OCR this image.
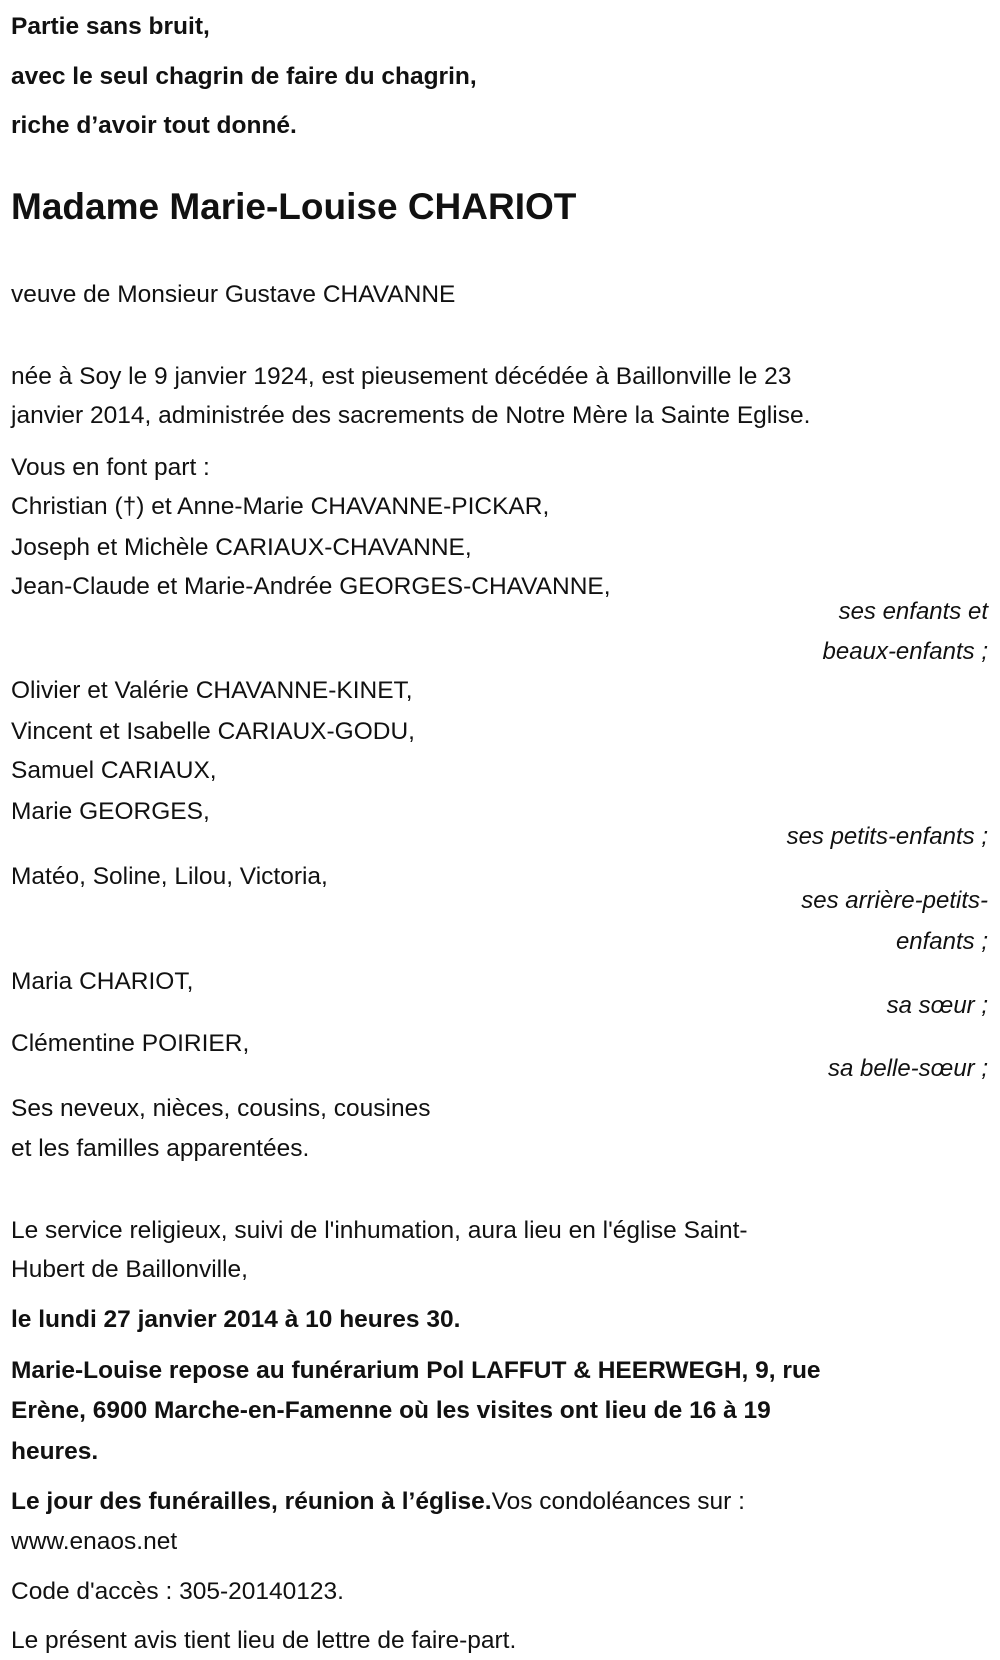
Partie sans bruit,
avec le seul chagrin de faire du chagrin,
riche d’avoir tout donné.
Madame Marie-Louise CHARIOT
veuve de Monsieur Gustave CHAVANNE
née à Soy le 9 janvier 1924, est pieusement décédée à Baillonville le 23
janvier 2014, administrée des sacrements de Notre Mère la Sainte Eglise.
Vous en font part :
Christian (†) et Anne-Marie CHAVANNE-PICKAR,
Joseph et Michèle CARIAUX-CHAVANNE,
Jean-Claude et Marie-Andrée GEORGES-CHAVANNE,
ses enfants et
beaux-enfants ;
Olivier et Valérie CHAVANNE-KINET,
Vincent et Isabelle CARIAUX-GODU,
Samuel CARIAUX,
Marie GEORGES,
ses petits-enfants ;
Matéo, Soline, Lilou, Victoria,
ses arrière-petits-
enfants ;
Maria CHARIOT,
sa sœur ;
Clémentine POIRIER,
sa belle-sœur ;
Ses neveux, nièces, cousins, cousines
et les familles apparentées.
Le service religieux, suivi de l'inhumation, aura lieu en l'église Saint-
Hubert de Baillonville,
le lundi 27 janvier 2014 à 10 heures 30.
Marie-Louise repose au funérarium Pol LAFFUT & HEERWEGH, 9, rue
Erène, 6900 Marche-en-Famenne où les visites ont lieu de 16 à 19
heures.
Le jour des funérailles, réunion à l’église.Vos condoléances sur :
www.enaos.net
Code d'accès : 305-20140123.
Le présent avis tient lieu de lettre de faire-part.
